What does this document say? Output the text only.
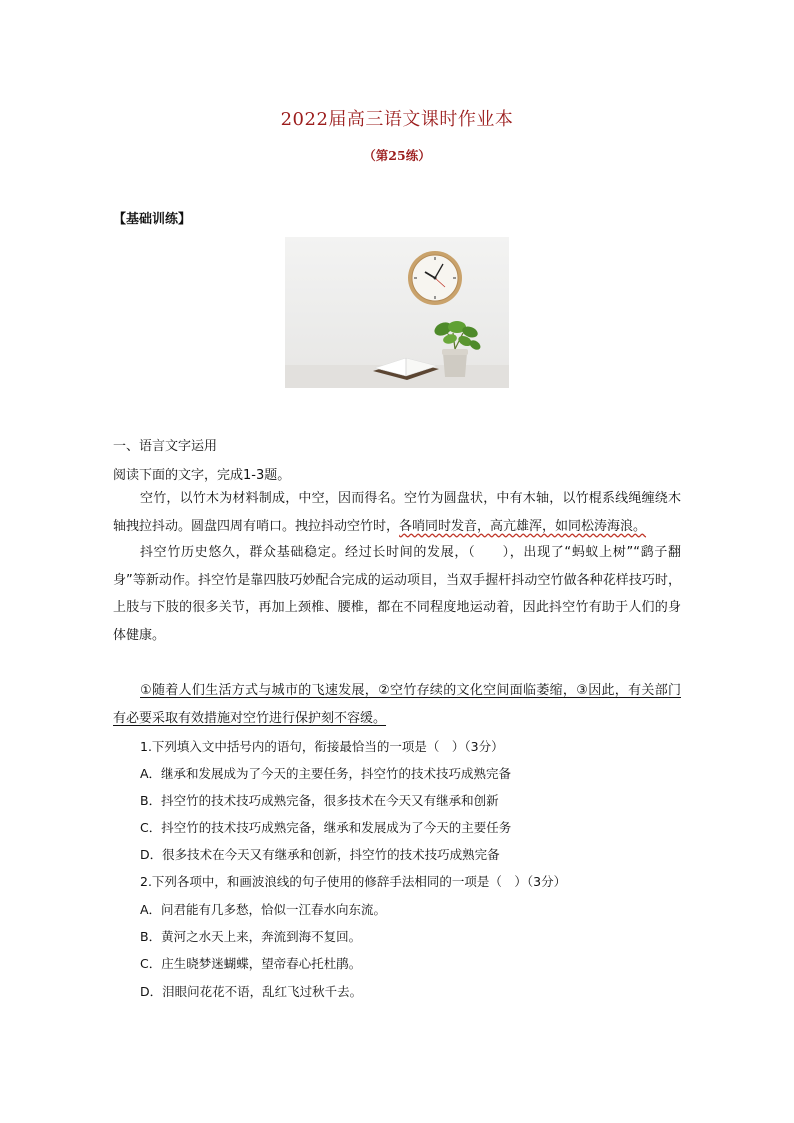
2022届高三语文课时作业本
（第25练）
【基础训练】
一、语言文字运用
阅读下面的文字，完成1-3题。
空竹，以竹木为材料制成，中空，因而得名。空竹为圆盘状，中有木轴，以竹棍系线绳缠绕木轴拽拉抖动。圆盘四周有哨口。拽拉抖动空竹时，各哨同时发音，高亢雄浑，如同松涛海浪。
抖空竹历史悠久，群众基础稳定。经过长时间的发展，（　　），出现了“蚂蚁上树”“鹞子翻身”等新动作。抖空竹是靠四肢巧妙配合完成的运动项目，当双手握杆抖动空竹做各种花样技巧时，上肢与下肢的很多关节，再加上颈椎、腰椎，都在不同程度地运动着，因此抖空竹有助于人们的身体健康。
①随着人们生活方式与城市的飞速发展，②空竹存续的文化空间面临萎缩，③因此，有关部门有必要采取有效措施对空竹进行保护刻不容缓。
1.下列填入文中括号内的语句，衔接最恰当的一项是（　）（3分）
A．继承和发展成为了今天的主要任务，抖空竹的技术技巧成熟完备
B．抖空竹的技术技巧成熟完备，很多技术在今天又有继承和创新
C．抖空竹的技术技巧成熟完备，继承和发展成为了今天的主要任务
D．很多技术在今天又有继承和创新，抖空竹的技术技巧成熟完备
2.下列各项中，和画波浪线的句子使用的修辞手法相同的一项是（　）（3分）
A．问君能有几多愁，恰似一江春水向东流。
B．黄河之水天上来，奔流到海不复回。
C．庄生晓梦迷蝴蝶，望帝春心托杜鹃。
D．泪眼问花花不语，乱红飞过秋千去。
